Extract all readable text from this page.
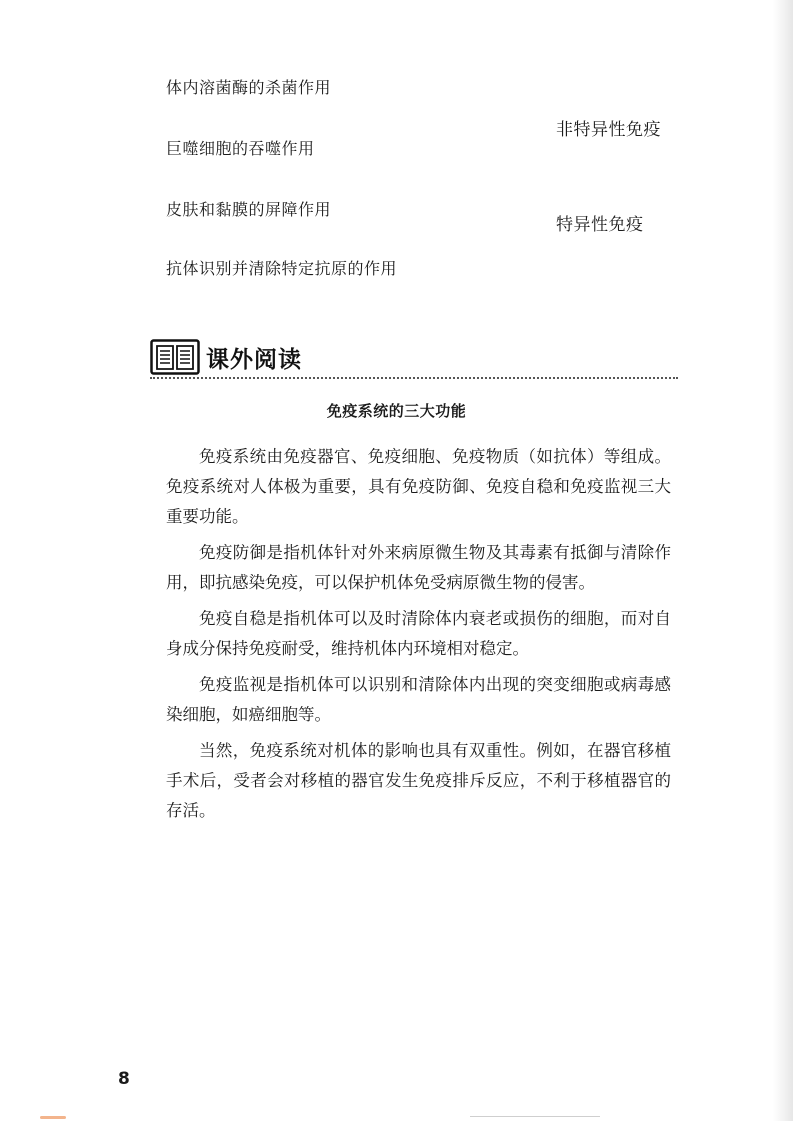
体内溶菌酶的杀菌作用
巨噬细胞的吞噬作用
皮肤和黏膜的屏障作用
抗体识别并清除特定抗原的作用
非特异性免疫
特异性免疫
课外阅读
免疫系统的三大功能

免疫系统由免疫器官、免疫细胞、免疫物质（如抗体）等组成。免疫系统对人体极为重要，具有免疫防御、免疫自稳和免疫监视三大重要功能。

免疫防御是指机体针对外来病原微生物及其毒素有抵御与清除作用，即抗感染免疫，可以保护机体免受病原微生物的侵害。

免疫自稳是指机体可以及时清除体内衰老或损伤的细胞，而对自身成分保持免疫耐受，维持机体内环境相对稳定。

免疫监视是指机体可以识别和清除体内出现的突变细胞或病毒感染细胞，如癌细胞等。

当然，免疫系统对机体的影响也具有双重性。例如，在器官移植手术后，受者会对移植的器官发生免疫排斥反应，不利于移植器官的存活。

8
